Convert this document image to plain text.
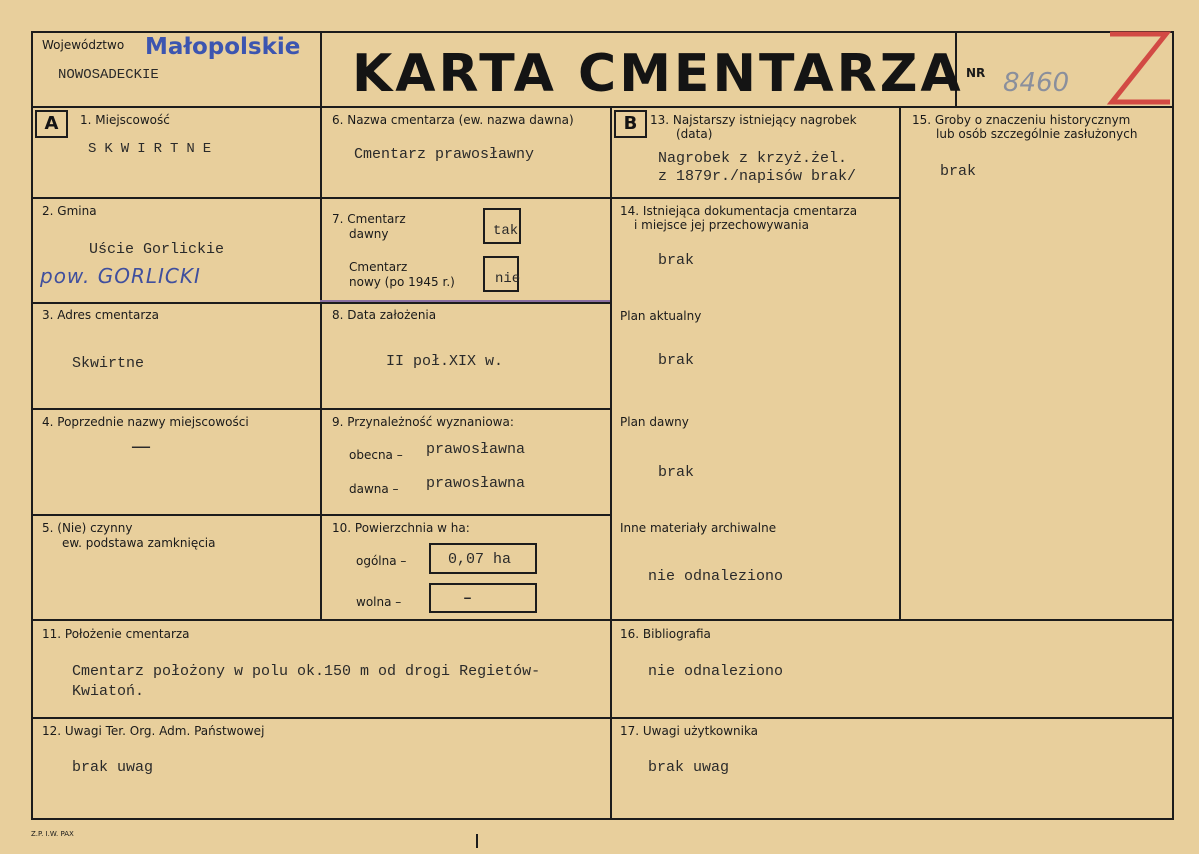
Województwo Małopolskie
NOWOSADECKIE	KARTA CMENTARZA NR 8460
A	1. Miejscowość
SKWIRTNE
2. Gmina
Uście Gorlickie
pow. GORLICKI
3. Adres cmentarza
Skwirtne
4. Poprzednie nazwy miejscowości
——
5. (Nie) czynny
ew. podstawa zamknięcia
6. Nazwa cmentarza (ew. nazwa dawna)
Cmentarz prawosławny
7. Cmentarz
dawny	tak
Cmentarz
nowy (po 1945 r.)	nie
8. Data założenia
II poł.XIX w.
9. Przynależność wyznaniowa:
obecna – prawosławna
dawna – prawosławna
10. Powierzchnia w ha:
ogólna –	0,07 ha
wolna –	–
11. Położenie cmentarza
Cmentarz położony w polu ok.150 m od drogi Regietów-
Kwiatoń.
12. Uwagi Ter. Org. Adm. Państwowej
brak uwag
B	13. Najstarszy istniejący nagrobek
(data)
Nagrobek z krzyż.żel.
z 1879r./napisów brak/
14. Istniejąca dokumentacja cmentarza
i miejsce jej przechowywania
brak
Plan aktualny
brak
Plan dawny
brak
Inne materiały archiwalne
nie odnaleziono
15. Groby o znaczeniu historycznym
lub osób szczególnie zasłużonych
brak
16. Bibliografia
nie odnaleziono
17. Uwagi użytkownika
brak uwag
Z.P. I.W. PAX
